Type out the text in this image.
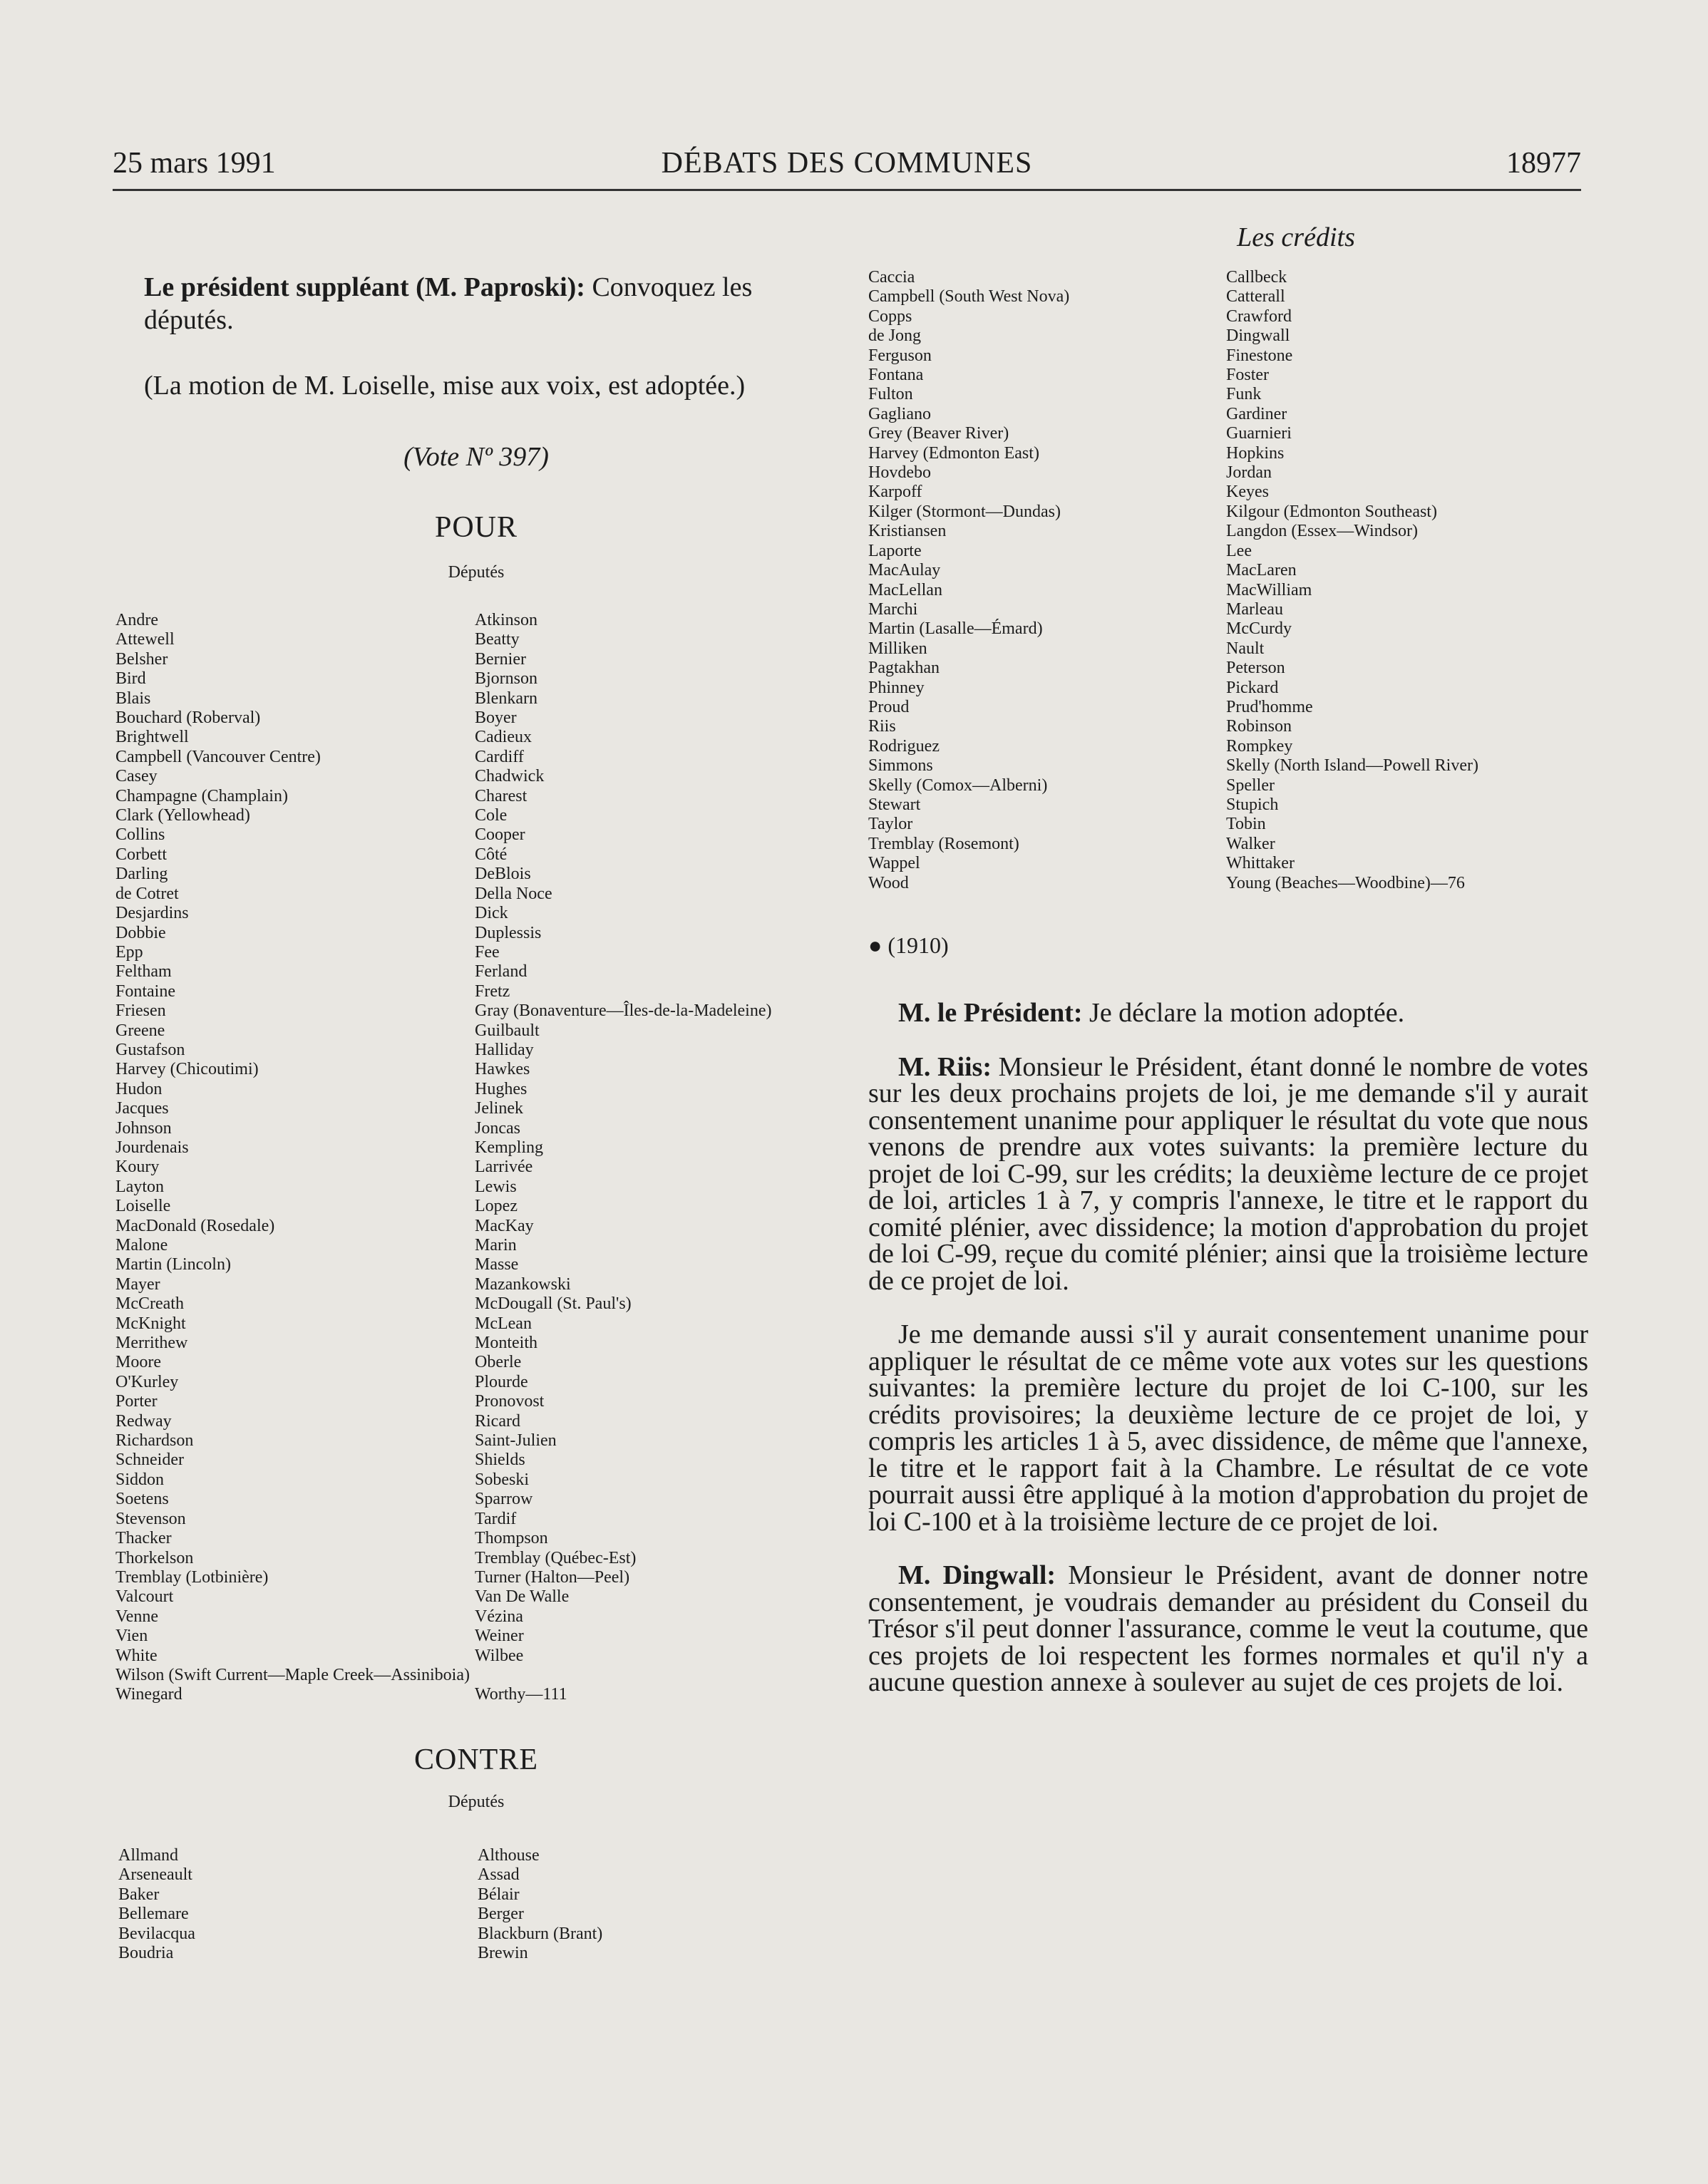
25 mars 1991	DÉBATS DES COMMUNES	18977

Le président suppléant (M. Paproski): Convoquez les députés.

(La motion de M. Loiselle, mise aux voix, est adoptée.)

(Vote Nº 397)
POUR
Députés
Andre
Attewell
Belsher
Bird
Blais
Bouchard (Roberval)
Brightwell
Campbell (Vancouver Centre)
Casey
Champagne (Champlain)
Clark (Yellowhead)
Collins
Corbett
Darling
de Cotret
Desjardins
Dobbie
Epp
Feltham
Fontaine
Friesen
Greene
Gustafson
Harvey (Chicoutimi)
Hudon
Jacques
Johnson
Jourdenais
Koury
Layton
Loiselle
MacDonald (Rosedale)
Malone
Martin (Lincoln)
Mayer
McCreath
McKnight
Merrithew
Moore
O'Kurley
Porter
Redway
Richardson
Schneider
Siddon
Soetens
Stevenson
Thacker
Thorkelson
Tremblay (Lotbinière)
Valcourt
Venne
Vien
White
Wilson (Swift Current—Maple Creek—Assiniboia)
Winegard
Atkinson
Beatty
Bernier
Bjornson
Blenkarn
Boyer
Cadieux
Cardiff
Chadwick
Charest
Cole
Cooper
Côté
DeBlois
Della Noce
Dick
Duplessis
Fee
Ferland
Fretz
Gray (Bonaventure—Îles-de-la-Madeleine)
Guilbault
Halliday
Hawkes
Hughes
Jelinek
Joncas
Kempling
Larrivée
Lewis
Lopez
MacKay
Marin
Masse
Mazankowski
McDougall (St. Paul's)
McLean
Monteith
Oberle
Plourde
Pronovost
Ricard
Saint-Julien
Shields
Sobeski
Sparrow
Tardif
Thompson
Tremblay (Québec-Est)
Turner (Halton—Peel)
Van De Walle
Vézina
Weiner
Wilbee

Worthy—111
CONTRE
Députés
Allmand
Arseneault
Baker
Bellemare
Bevilacqua
Boudria
Althouse
Assad
Bélair
Berger
Blackburn (Brant)
Brewin
Les crédits
Caccia
Campbell (South West Nova)
Copps
de Jong
Ferguson
Fontana
Fulton
Gagliano
Grey (Beaver River)
Harvey (Edmonton East)
Hovdebo
Karpoff
Kilger (Stormont—Dundas)
Kristiansen
Laporte
MacAulay
MacLellan
Marchi
Martin (Lasalle—Émard)
Milliken
Pagtakhan
Phinney
Proud
Riis
Rodriguez
Simmons
Skelly (Comox—Alberni)
Stewart
Taylor
Tremblay (Rosemont)
Wappel
Wood
Callbeck
Catterall
Crawford
Dingwall
Finestone
Foster
Funk
Gardiner
Guarnieri
Hopkins
Jordan
Keyes
Kilgour (Edmonton Southeast)
Langdon (Essex—Windsor)
Lee
MacLaren
MacWilliam
Marleau
McCurdy
Nault
Peterson
Pickard
Prud'homme
Robinson
Rompkey
Skelly (North Island—Powell River)
Speller
Stupich
Tobin
Walker
Whittaker
Young (Beaches—Woodbine)—76
● (1910)

M. le Président: Je déclare la motion adoptée.

M. Riis: Monsieur le Président, étant donné le nombre de votes sur les deux prochains projets de loi, je me demande s'il y aurait consentement unanime pour appliquer le résultat du vote que nous venons de prendre aux votes suivants: la première lecture du projet de loi C-99, sur les crédits; la deuxième lecture de ce projet de loi, articles 1 à 7, y compris l'annexe, le titre et le rapport du comité plénier, avec dissidence; la motion d'approbation du projet de loi C-99, reçue du comité plénier; ainsi que la troisième lecture de ce projet de loi.

Je me demande aussi s'il y aurait consentement unanime pour appliquer le résultat de ce même vote aux votes sur les questions suivantes: la première lecture du projet de loi C-100, sur les crédits provisoires; la deuxième lecture de ce projet de loi, y compris les articles 1 à 5, avec dissidence, de même que l'annexe, le titre et le rapport fait à la Chambre. Le résultat de ce vote pourrait aussi être appliqué à la motion d'approbation du projet de loi C-100 et à la troisième lecture de ce projet de loi.

M. Dingwall: Monsieur le Président, avant de donner notre consentement, je voudrais demander au président du Conseil du Trésor s'il peut donner l'assurance, comme le veut la coutume, que ces projets de loi respectent les formes normales et qu'il n'y a aucune question annexe à soulever au sujet de ces projets de loi.
